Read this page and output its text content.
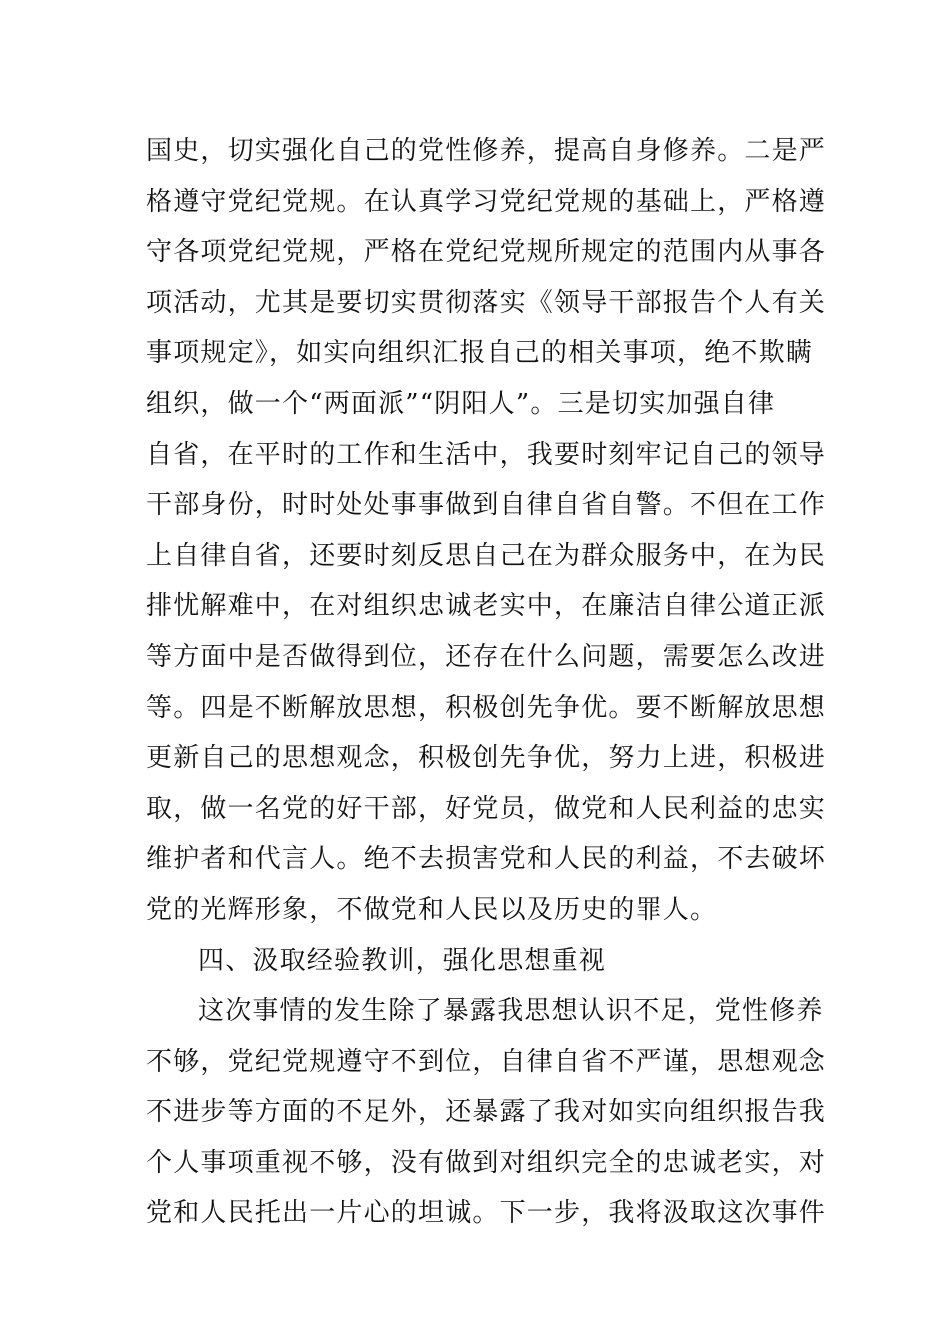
国史，切实强化自己的党性修养，提高自身修养。二是严
格遵守党纪党规。在认真学习党纪党规的基础上，严格遵
守各项党纪党规，严格在党纪党规所规定的范围内从事各
项活动，尤其是要切实贯彻落实《领导干部报告个人有关
事项规定》，如实向组织汇报自己的相关事项，绝不欺瞒
组织，做一个“两面派”“阴阳人”。三是切实加强自律
自省，在平时的工作和生活中，我要时刻牢记自己的领导
干部身份，时时处处事事做到自律自省自警。不但在工作
上自律自省，还要时刻反思自己在为群众服务中，在为民
排忧解难中，在对组织忠诚老实中，在廉洁自律公道正派
等方面中是否做得到位，还存在什么问题，需要怎么改进
等。四是不断解放思想，积极创先争优。要不断解放思想
更新自己的思想观念，积极创先争优，努力上进，积极进
取，做一名党的好干部，好党员，做党和人民利益的忠实
维护者和代言人。绝不去损害党和人民的利益，不去破坏
党的光辉形象，不做党和人民以及历史的罪人。
四、汲取经验教训，强化思想重视
这次事情的发生除了暴露我思想认识不足，党性修养
不够，党纪党规遵守不到位，自律自省不严谨，思想观念
不进步等方面的不足外，还暴露了我对如实向组织报告我
个人事项重视不够，没有做到对组织完全的忠诚老实，对
党和人民托出一片心的坦诚。下一步，我将汲取这次事件
